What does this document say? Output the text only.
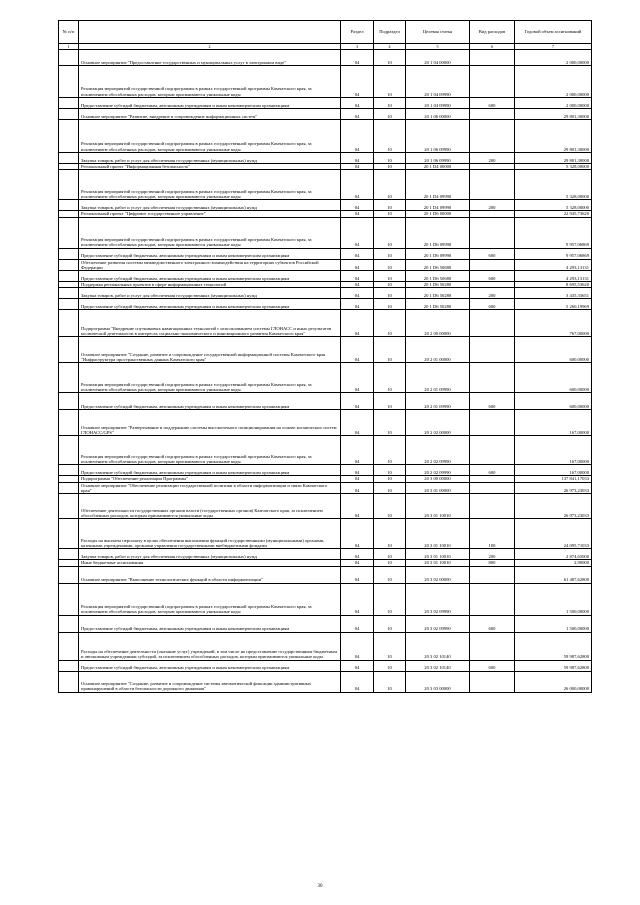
№ п/п		Раздел	Подраздел	Целевая статья	Вид расходов	Годовой объем ассигнований
1	2	3	4	5	6	7
	Основное мероприятие "Предоставление государственных и муниципальных услуг в электронном виде"	04	10	20 1 04 00000		2 000,00000
	Реализация мероприятий государственной подпрограммы в рамках государственной программы Камчатского края, за исключением обособленных расходов, которым присваиваются уникальные коды	04	10	20 1 04 09990		2 000,00000
	Предоставление субсидий бюджетным, автономным учреждениям и иным некоммерческим организациям	04	10	20 1 04 09990	600	2 000,00000
	Основное мероприятие "Развитие, внедрение и сопровождение информационных систем"	04	10	20 1 06 00000		29 801,30000
	Реализация мероприятий государственной подпрограммы в рамках государственной программы Камчатского края, за исключением обособленных расходов, которым присваиваются уникальные коды	04	10	20 1 06 09990		29 801,30000
	Закупка товаров, работ и услуг для обеспечения государственных (муниципальных) нужд	04	10	20 1 06 09990	200	29 801,30000
	Региональный проект "Информационная безопасность"	04	10	20 1 D4 00000		5 328,00000
	Реализация мероприятий государственной подпрограммы в рамках государственной программы Камчатского края, за исключением обособленных расходов, которым присваиваются уникальные коды	04	10	20 1 D4 09990		5 328,00000
	Закупка товаров, работ и услуг для обеспечения государственных (муниципальных) нужд	04	10	20 1 D4 09990	200	5 328,00000
	Региональный проект "Цифровое государственное управление"	04	10	20 1 D6 00000		22 945,73620
	Реализация мероприятий государственной подпрограммы в рамках государственной программы Камчатского края, за исключением обособленных расходов, которым присваиваются уникальные коды	04	10	20 1 D6 09990		9 957,06869
	Предоставление субсидий бюджетным, автономным учреждениям и иным некоммерческим организациям	04	10	20 1 D6 09990	600	9 957,06869
	Обеспечение развития системы межведомственного электронного взаимодействия на территориях субъектов Российской Федерации	04	10	20 1 D6 50680		4 293,13131
	Предоставление субсидий бюджетным, автономным учреждениям и иным некоммерческим организациям	04	10	20 1 D6 50680	600	4 293,13131
	Поддержка региональных проектов в сфере информационных технологий	04	10	20 1 D6 50280		8 695,53620
	Закупка товаров, работ и услуг для обеспечения государственных (муниципальных) нужд	04	10	20 1 D6 50280	200	3 435,33651
	Предоставление субсидий бюджетным, автономным учреждениям и иным некоммерческим организациям	04	10	20 1 D6 50280	600	5 260,19969
	Подпрограмма "Внедрение спутниковых навигационных технологий с использованием системы ГЛОНАСС и иных результатов космической деятельности в интересах социально-экономического и инновационного развития Камчатского края"	04	10	20 2 00 00000		767,00000
	Основное мероприятие "Создание, развитие и сопровождение государственной информационной системы Камчатского края "Инфраструктура пространственных данных Камчатского края"	04	10	20 2 01 00000		600,00000
	Реализация мероприятий государственной подпрограммы в рамках государственной программы Камчатского края, за исключением обособленных расходов, которым присваиваются уникальные коды	04	10	20 2 01 09990		600,00000
	Предоставление субсидий бюджетным, автономным учреждениям и иным некоммерческим организациям	04	10	20 2 01 09990	600	600,00000
	Основное мероприятие "Развертывание и поддержание системы высокоточного позиционирования на основе космических систем ГЛОНАСС/GPS"	04	10	20 2 02 00000		167,00000
	Реализация мероприятий государственной подпрограммы в рамках государственной программы Камчатского края, за исключением обособленных расходов, которым присваиваются уникальные коды	04	10	20 2 02 09990		167,00000
	Предоставление субсидий бюджетным, автономным учреждениям и иным некоммерческим организациям	04	10	20 2 02 09990	600	167,00000
	Подпрограмма "Обеспечение реализации Программы"	04	10	20 3 00 00000		137 841,17033
	Основное мероприятие "Обеспечение реализации государственной политики в области информатизации и связи Камчатского края"	04	10	20 3 01 00000		26 973,23033
	Обеспечение деятельности государственных органов власти (государственных органов) Камчатского края, за исключением обособленных расходов, которым присваиваются уникальные коды	04	10	20 3 01 10010		26 973,23033
	Расходы на выплаты персоналу в целях обеспечения выполнения функций государственными (муниципальными) органами, казенными учреждениями, органами управления государственными внебюджетными фондами	04	10	20 3 01 10010	100	24 095,71033
	Закупка товаров, работ и услуг для обеспечения государственных (муниципальных) нужд	04	10	20 3 01 10010	200	2 874,65000
	Иные бюджетные ассигнования	04	10	20 3 01 10010	800	2,90000
	Основное мероприятие "Выполнение технологических функций в области информатизации"	04	10	20 3 02 00000		61 487,62800
	Реализация мероприятий государственной подпрограммы в рамках государственной программы Камчатского края, за исключением обособленных расходов, которым присваиваются уникальные коды	04	10	20 3 02 09990		1 500,00000
	Предоставление субсидий бюджетным, автономным учреждениям и иным некоммерческим организациям	04	10	20 3 02 09990	600	1 500,00000
	Расходы на обеспечение деятельности (оказание услуг) учреждений, в том числе на предоставление государственным бюджетным и автономным учреждениям субсидий, за исключением обособленных расходов, которым присваиваются уникальные коды	04	10	20 3 02 10140		59 987,62800
	Предоставление субсидий бюджетным, автономным учреждениям и иным некоммерческим организациям	04	10	20 3 02 10140	600	59 987,62800
	Основное мероприятие "Создание, развитие и сопровождение системы автоматической фиксации административных правонарушений в области безопасности дорожного движения"	04	10	20 3 03 00000		26 000,00000
30
